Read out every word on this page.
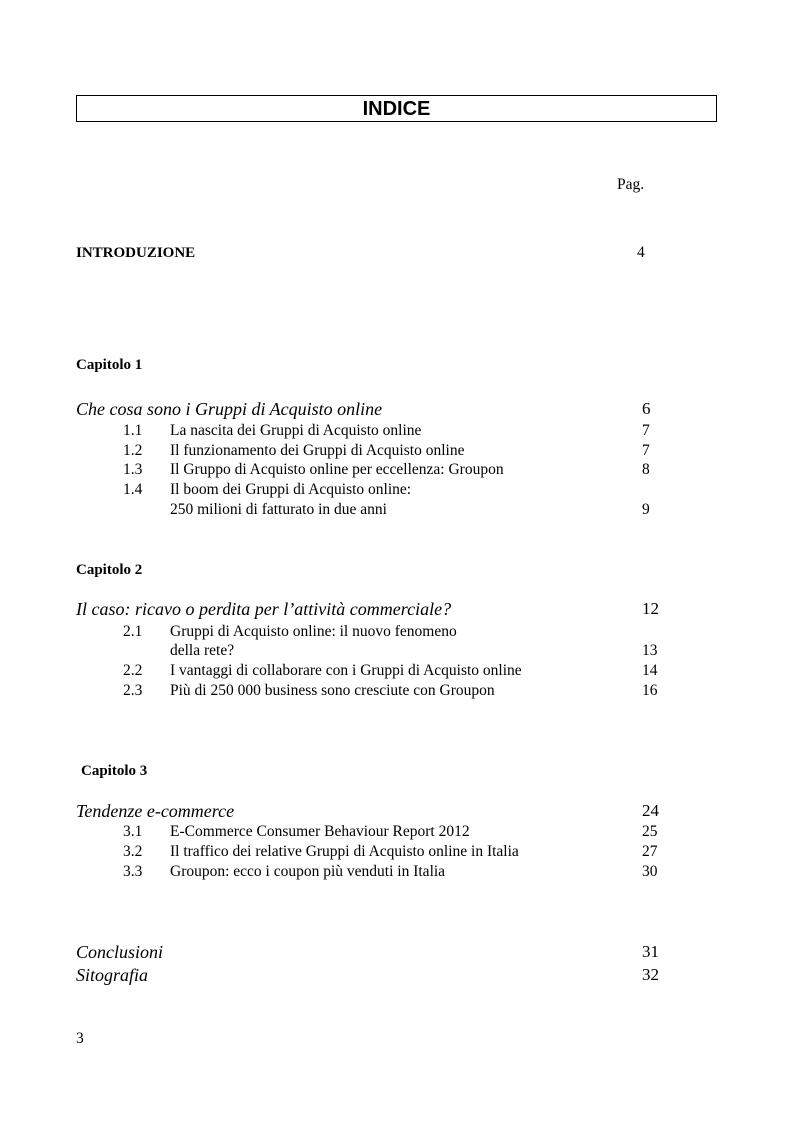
INDICE
Pag.
INTRODUZIONE	4
Capitolo 1
Che cosa sono i Gruppi di Acquisto online	6
1.1 La nascita dei Gruppi di Acquisto online	7
1.2 Il funzionamento dei Gruppi di Acquisto online	7
1.3 Il Gruppo di Acquisto online per eccellenza: Groupon	8
1.4 Il boom dei Gruppi di Acquisto online:
250 milioni di fatturato in due anni	9
Capitolo 2
Il caso: ricavo o perdita per l’attività commerciale?	12
2.1 Gruppi di Acquisto online: il nuovo fenomeno
della rete?	13
2.2 I vantaggi di collaborare con i Gruppi di Acquisto online	14
2.3 Più di 250 000 business sono cresciute con Groupon	16
Capitolo 3
Tendenze e-commerce	24
3.1 E-Commerce Consumer Behaviour Report 2012	25
3.2 Il traffico dei relative Gruppi di Acquisto online in Italia	27
3.3 Groupon: ecco i coupon più venduti in Italia	30
Conclusioni	31
Sitografia	32
3
